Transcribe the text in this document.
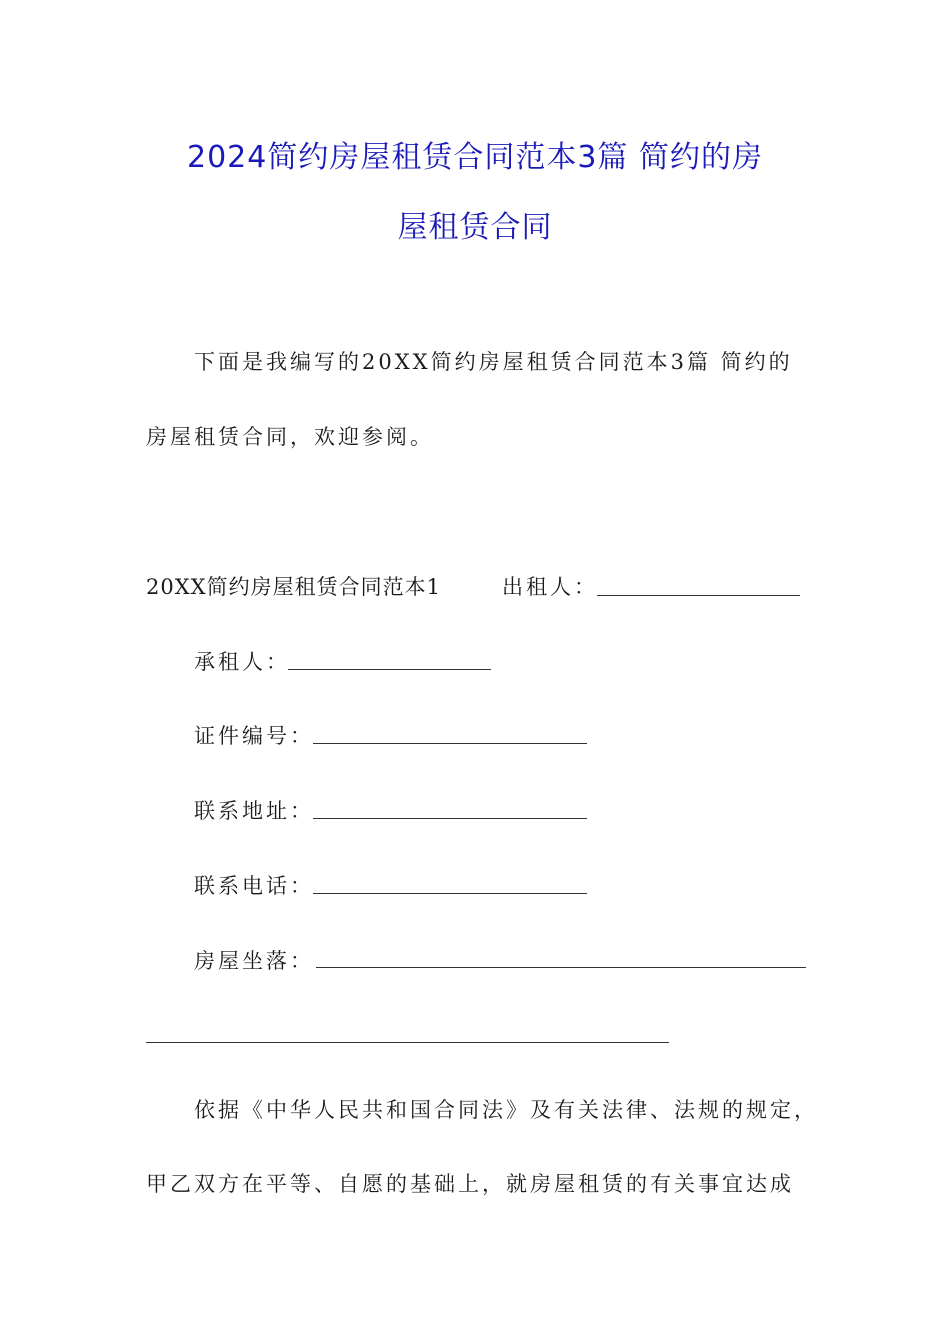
2024简约房屋租赁合同范本3篇 简约的房
屋租赁合同
下面是我编写的20XX简约房屋租赁合同范本3篇 简约的
房屋租赁合同，欢迎参阅。
20XX简约房屋租赁合同范本1	出租人：
承租人：
证件编号：
联系地址：
联系电话：
房屋坐落：
依据《中华人民共和国合同法》及有关法律、法规的规定，
甲乙双方在平等、自愿的基础上，就房屋租赁的有关事宜达成
